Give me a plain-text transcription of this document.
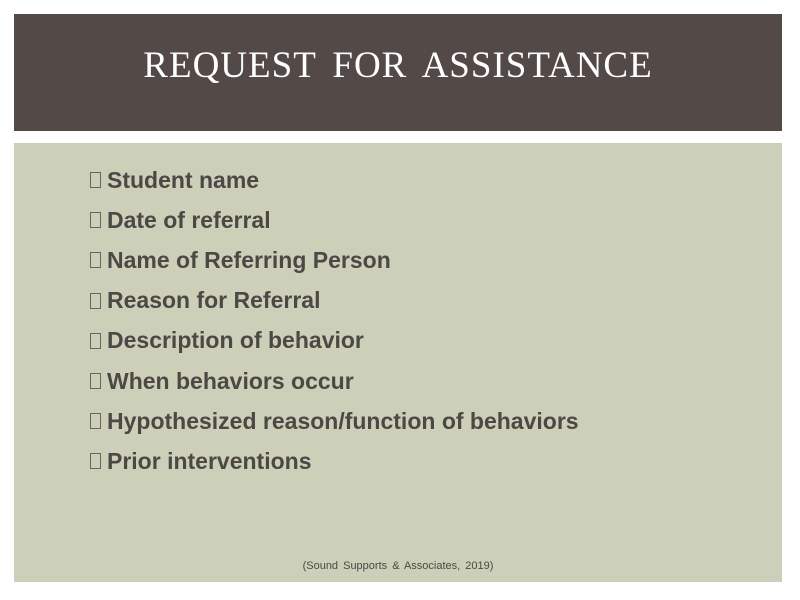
REQUEST FOR ASSISTANCE
Student name
Date of referral
Name of Referring Person
Reason for Referral
Description of behavior
When behaviors occur
Hypothesized reason/function of behaviors
Prior interventions
(Sound Supports & Associates, 2019)
